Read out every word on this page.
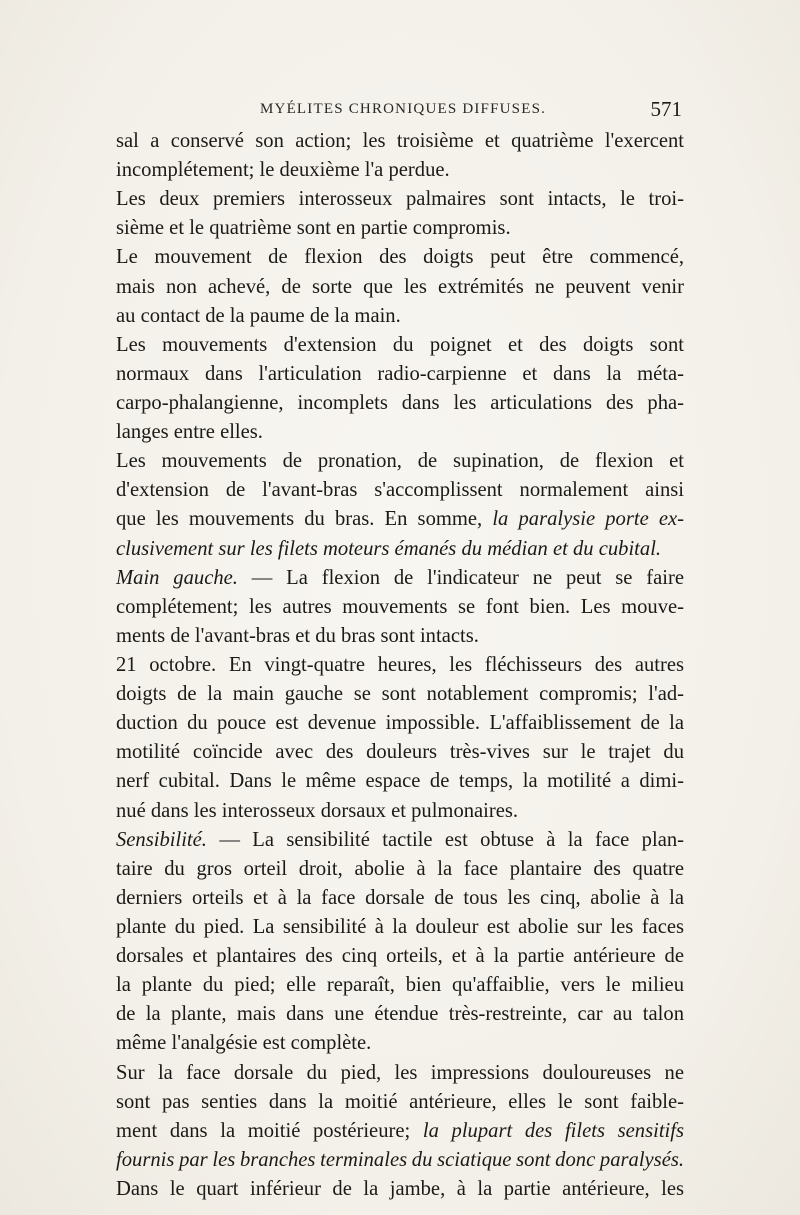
MYÉLITES CHRONIQUES DIFFUSES.	571
sal a conservé son action; les troisième et quatrième l'exercent
incomplétement; le deuxième l'a perdue.
Les deux premiers interosseux palmaires sont intacts, le troi-
sième et le quatrième sont en partie compromis.
Le mouvement de flexion des doigts peut être commencé,
mais non achevé, de sorte que les extrémités ne peuvent venir
au contact de la paume de la main.
Les mouvements d'extension du poignet et des doigts sont
normaux dans l'articulation radio-carpienne et dans la méta-
carpo-phalangienne, incomplets dans les articulations des pha-
langes entre elles.
Les mouvements de pronation, de supination, de flexion et
d'extension de l'avant-bras s'accomplissent normalement ainsi
que les mouvements du bras. En somme, la paralysie porte ex-
clusivement sur les filets moteurs émanés du médian et du cubital.
Main gauche. — La flexion de l'indicateur ne peut se faire
complétement; les autres mouvements se font bien. Les mouve-
ments de l'avant-bras et du bras sont intacts.
21 octobre. En vingt-quatre heures, les fléchisseurs des autres
doigts de la main gauche se sont notablement compromis; l'ad-
duction du pouce est devenue impossible. L'affaiblissement de la
motilité coïncide avec des douleurs très-vives sur le trajet du
nerf cubital. Dans le même espace de temps, la motilité a dimi-
nué dans les interosseux dorsaux et pulmonaires.
Sensibilité. — La sensibilité tactile est obtuse à la face plan-
taire du gros orteil droit, abolie à la face plantaire des quatre
derniers orteils et à la face dorsale de tous les cinq, abolie à la
plante du pied. La sensibilité à la douleur est abolie sur les faces
dorsales et plantaires des cinq orteils, et à la partie antérieure de
la plante du pied; elle reparaît, bien qu'affaiblie, vers le milieu
de la plante, mais dans une étendue très-restreinte, car au talon
même l'analgésie est complète.
Sur la face dorsale du pied, les impressions douloureuses ne
sont pas senties dans la moitié antérieure, elles le sont faible-
ment dans la moitié postérieure; la plupart des filets sensitifs
fournis par les branches terminales du sciatique sont donc paralysés.
Dans le quart inférieur de la jambe, à la partie antérieure, les
